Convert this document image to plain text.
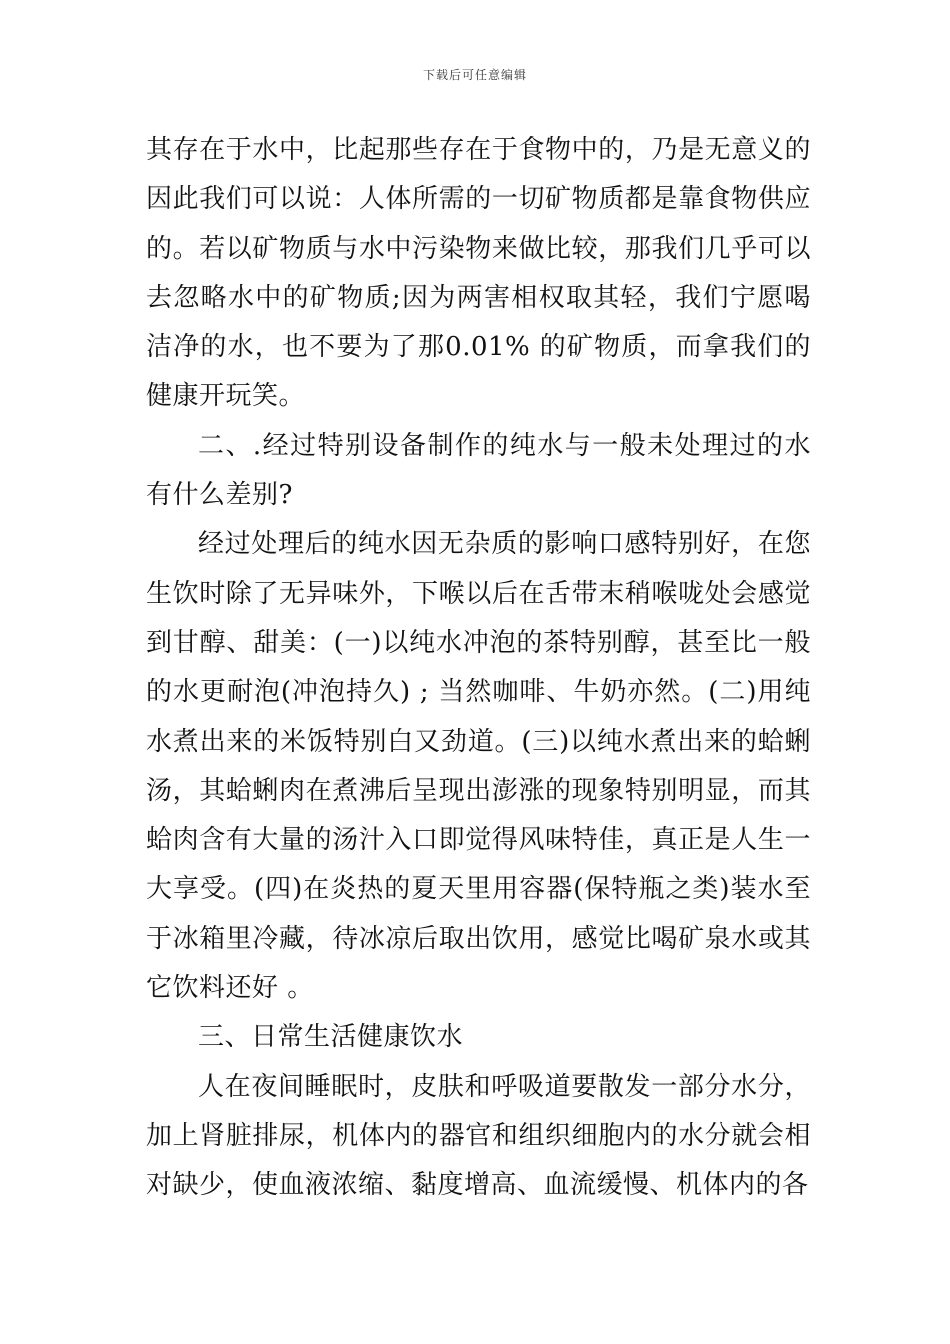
下载后可任意编辑

其存在于水中，比起那些存在于食物中的，乃是无意义的因此我们可以说：人体所需的一切矿物质都是靠食物供应的。若以矿物质与水中污染物来做比较，那我们几乎可以去忽略水中的矿物质;因为两害相权取其轻，我们宁愿喝洁净的水，也不要为了那0.01% 的矿物质，而拿我们的健康开玩笑。

二、.经过特别设备制作的纯水与一般未处理过的水有什么差别?

经过处理后的纯水因无杂质的影响口感特别好，在您生饮时除了无异味外，下喉以后在舌带末稍喉咙处会感觉到甘醇、甜美：(一)以纯水冲泡的茶特别醇，甚至比一般的水更耐泡(冲泡持久) ; 当然咖啡、牛奶亦然。(二)用纯水煮出来的米饭特别白又劲道。(三)以纯水煮出来的蛤蜊汤，其蛤蜊肉在煮沸后呈现出澎涨的现象特别明显，而其蛤肉含有大量的汤汁入口即觉得风味特佳，真正是人生一大享受。(四)在炎热的夏天里用容器(保特瓶之类)装水至于冰箱里冷藏，待冰凉后取出饮用，感觉比喝矿泉水或其它饮料还好 。

三、日常生活健康饮水

人在夜间睡眠时，皮肤和呼吸道要散发一部分水分，加上肾脏排尿，机体内的器官和组织细胞内的水分就会相对缺少，使血液浓缩、黏度增高、血流缓慢、机体内的各
